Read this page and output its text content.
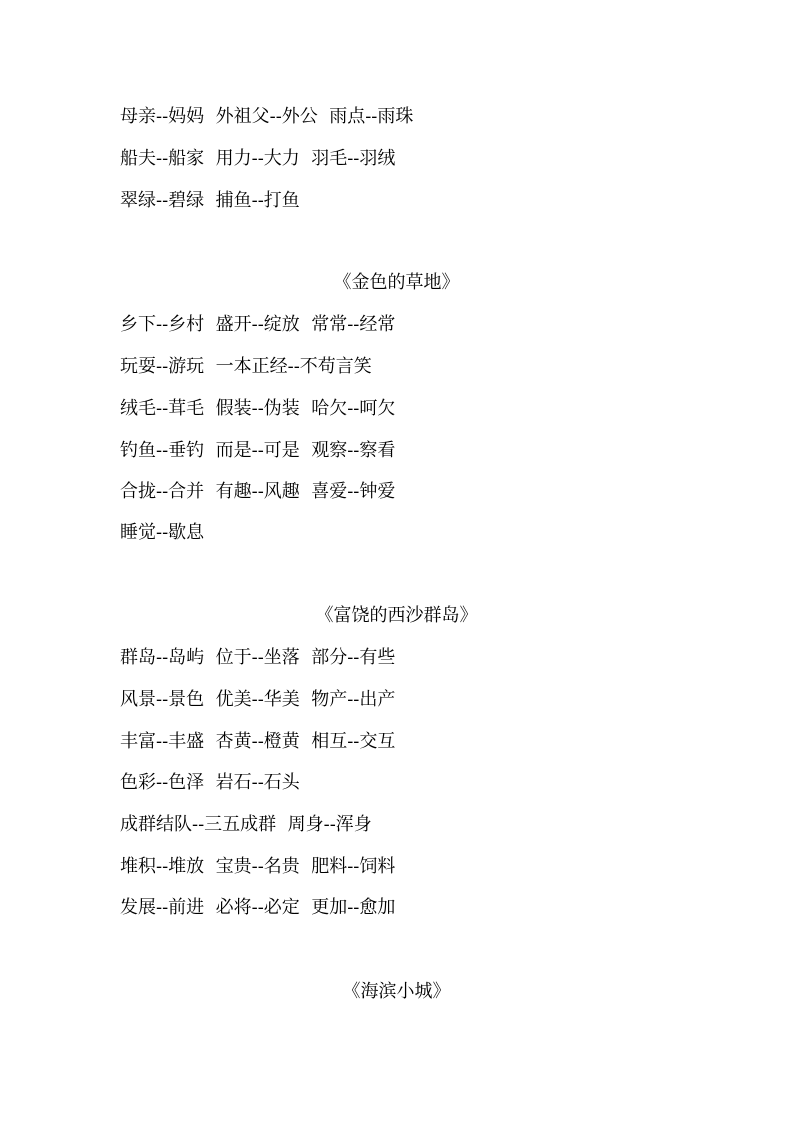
母亲--妈妈  外祖父--外公  雨点--雨珠
船夫--船家  用力--大力  羽毛--羽绒
翠绿--碧绿  捕鱼--打鱼
《金色的草地》
乡下--乡村  盛开--绽放  常常--经常
玩耍--游玩  一本正经--不苟言笑
绒毛--茸毛  假装--伪装  哈欠--呵欠
钓鱼--垂钓  而是--可是  观察--察看
合拢--合并  有趣--风趣  喜爱--钟爱
睡觉--歇息
《富饶的西沙群岛》
群岛--岛屿  位于--坐落  部分--有些
风景--景色  优美--华美  物产--出产
丰富--丰盛  杏黄--橙黄  相互--交互
色彩--色泽  岩石--石头
成群结队--三五成群  周身--浑身
堆积--堆放  宝贵--名贵  肥料--饲料
发展--前进  必将--必定  更加--愈加
《海滨小城》
